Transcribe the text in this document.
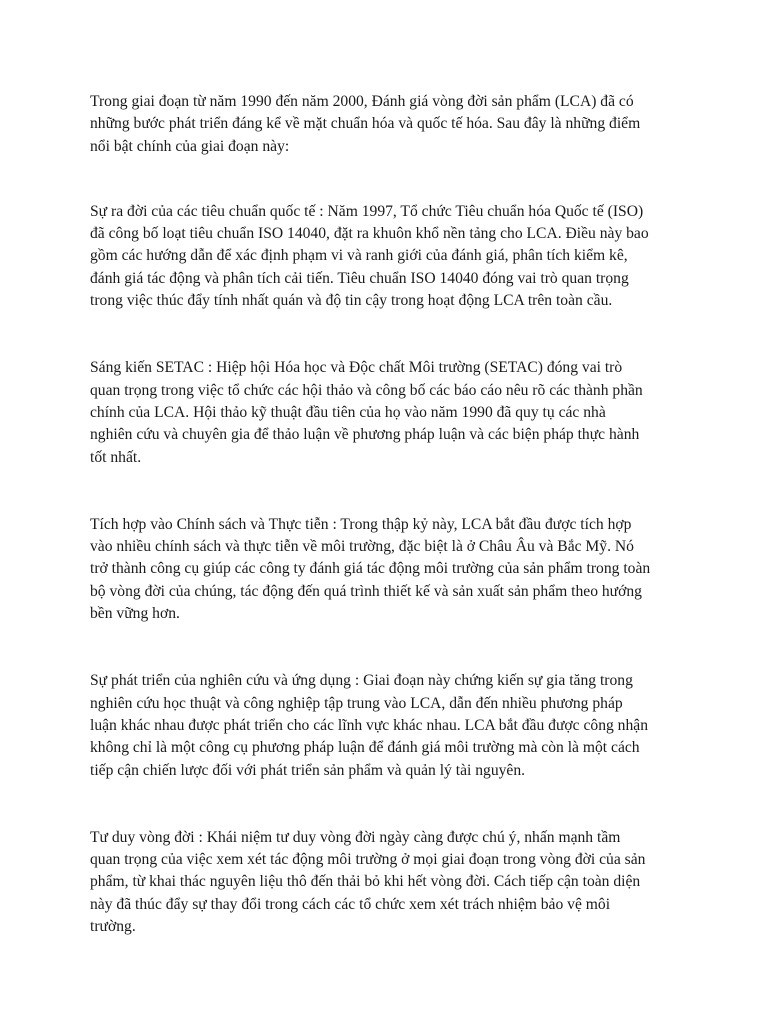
Trong giai đoạn từ năm 1990 đến năm 2000, Đánh giá vòng đời sản phẩm (LCA) đã có
những bước phát triển đáng kể về mặt chuẩn hóa và quốc tế hóa. Sau đây là những điểm
nổi bật chính của giai đoạn này:

Sự ra đời của các tiêu chuẩn quốc tế : Năm 1997, Tổ chức Tiêu chuẩn hóa Quốc tế (ISO)
đã công bố loạt tiêu chuẩn ISO 14040, đặt ra khuôn khổ nền tảng cho LCA. Điều này bao
gồm các hướng dẫn để xác định phạm vi và ranh giới của đánh giá, phân tích kiểm kê,
đánh giá tác động và phân tích cải tiến. Tiêu chuẩn ISO 14040 đóng vai trò quan trọng
trong việc thúc đẩy tính nhất quán và độ tin cậy trong hoạt động LCA trên toàn cầu.

Sáng kiến SETAC : Hiệp hội Hóa học và Độc chất Môi trường (SETAC) đóng vai trò
quan trọng trong việc tổ chức các hội thảo và công bố các báo cáo nêu rõ các thành phần
chính của LCA. Hội thảo kỹ thuật đầu tiên của họ vào năm 1990 đã quy tụ các nhà
nghiên cứu và chuyên gia để thảo luận về phương pháp luận và các biện pháp thực hành
tốt nhất.

Tích hợp vào Chính sách và Thực tiễn : Trong thập kỷ này, LCA bắt đầu được tích hợp
vào nhiều chính sách và thực tiễn về môi trường, đặc biệt là ở Châu Âu và Bắc Mỹ. Nó
trở thành công cụ giúp các công ty đánh giá tác động môi trường của sản phẩm trong toàn
bộ vòng đời của chúng, tác động đến quá trình thiết kế và sản xuất sản phẩm theo hướng
bền vững hơn.

Sự phát triển của nghiên cứu và ứng dụng : Giai đoạn này chứng kiến sự gia tăng trong
nghiên cứu học thuật và công nghiệp tập trung vào LCA, dẫn đến nhiều phương pháp
luận khác nhau được phát triển cho các lĩnh vực khác nhau. LCA bắt đầu được công nhận
không chỉ là một công cụ phương pháp luận để đánh giá môi trường mà còn là một cách
tiếp cận chiến lược đối với phát triển sản phẩm và quản lý tài nguyên.

Tư duy vòng đời : Khái niệm tư duy vòng đời ngày càng được chú ý, nhấn mạnh tầm
quan trọng của việc xem xét tác động môi trường ở mọi giai đoạn trong vòng đời của sản
phẩm, từ khai thác nguyên liệu thô đến thải bỏ khi hết vòng đời. Cách tiếp cận toàn diện
này đã thúc đẩy sự thay đổi trong cách các tổ chức xem xét trách nhiệm bảo vệ môi
trường.
